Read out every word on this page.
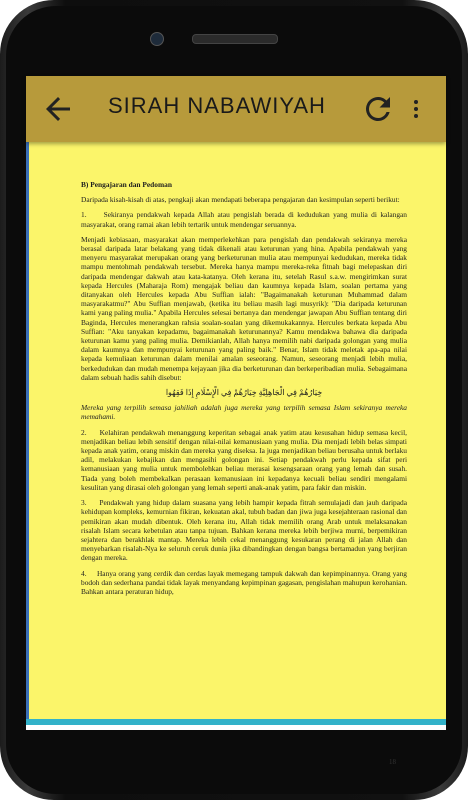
SIRAH NABAWIYAH

B) Pengajaran dan Pedoman

Daripada kisah-kisah di atas, pengkaji akan mendapati beberapa pengajaran dan kesimpulan seperti berikut:

1.     Sekiranya pendakwah kepada Allah atau pengislah berada di kedudukan yang mulia di kalangan masyarakat, orang ramai akan lebih tertarik untuk mendengar seruannya.

Menjadi kebiasaan, masyarakat akan memperlekehkan para pengislah dan pendakwah sekiranya mereka berasal daripada latar belakang yang tidak dikenali atau keturunan yang hina. Apabila pendakwah yang menyeru masyarakat merupakan orang yang berketurunan mulia atau mempunyai kedudukan, mereka tidak mampu mentohmah pendakwah tersebut. Mereka hanya mampu mereka-reka fitnah bagi melepaskan diri daripada mendengar dakwah atau kata-katanya. Oleh kerana itu, setelah Rasul s.a.w. mengirimkan surat kepada Hercules (Maharaja Rom) mengajak beliau dan kaumnya kepada Islam, soalan pertama yang ditanyakan oleh Hercules kepada Abu Suffian ialah: "Bagaimanakah keturunan Muhammad dalam masyarakatmu?" Abu Suffian menjawab, (ketika itu beliau masih lagi musyrik): "Dia daripada keturunan kami yang paling mulia." Apabila Hercules selesai bertanya dan mendengar jawapan Abu Suffian tentang diri Baginda, Hercules menerangkan rahsia soalan-soalan yang dikemukakannya. Hercules berkata kepada Abu Suffian: "Aku tanyakan kepadamu, bagaimanakah keturunannya? Kamu mendakwa bahawa dia daripada keturunan kamu yang paling mulia. Demikianlah, Allah hanya memilih nabi daripada golongan yang mulia dalam kaumnya dan mempunyai keturunan yang paling baik." Benar, Islam tidak meletak apa-apa nilai kepada kemuliaan keturunan dalam menilai amalan seseorang. Namun, seseorang menjadi lebih mulia, berkedudukan dan mudah menempa kejayaan jika dia berketurunan dan berkeperibadian mulia. Sebagaimana dalam sebuah hadis sahih disebut:

خِيَارُهُمْ فِي الْجَاهِلِيَّةِ خِيَارُهُمْ فِي الْإِسْلَامِ إِذَا فَقِهُوا

Mereka yang terpilih semasa jahiliah adalah juga mereka yang terpilih semasa Islam sekiranya mereka memahami.

2.     Kelahiran pendakwah menanggung keperitan sebagai anak yatim atau kesusahan hidup semasa kecil, menjadikan beliau lebih sensitif dengan nilai-nilai kemanusiaan yang mulia. Dia menjadi lebih belas simpati kepada anak yatim, orang miskin dan mereka yang diseksa. Ia juga menjadikan beliau berusaha untuk berlaku adil, melakukan kebajikan dan mengasihi golongan ini. Setiap pendakwah perlu kepada sifat peri kemanusiaan yang mulia untuk membolehkan beliau merasai kesengsaraan orang yang lemah dan susah. Tiada yang boleh membekalkan perasaan kemanusiaan ini kepadanya kecuali beliau sendiri mengalami kesulitan yang dirasai oleh golongan yang lemah seperti anak-anak yatim, para fakir dan miskin.

3.     Pendakwah yang hidup dalam suasana yang lebih hampir kepada fitrah semulajadi dan jauh daripada kehidupan kompleks, kemurnian fikiran, kekuatan akal, tubuh badan dan jiwa juga kesejahteraan rasional dan pemikiran akan mudah dibentuk. Oleh kerana itu, Allah tidak memilih orang Arab untuk melaksanakan risalah Islam secara kebetulan atau tanpa tujuan. Bahkan kerana mereka lebih berjiwa murni, berpemikiran sejahtera dan berakhlak mantap. Mereka lebih cekal menanggung kesukaran perang di jalan Allah dan menyebarkan risalah-Nya ke seluruh ceruk dunia jika dibandingkan dengan bangsa bertamadun yang berjiran dengan mereka.

4.     Hanya orang yang cerdik dan cerdas layak memegang tampuk dakwah dan kepimpinannya. Orang yang bodoh dan sederhana pandai tidak layak menyandang kepimpinan gagasan, pengislahan mahupun kerohanian. Bahkan antara peraturan hidup,

18
